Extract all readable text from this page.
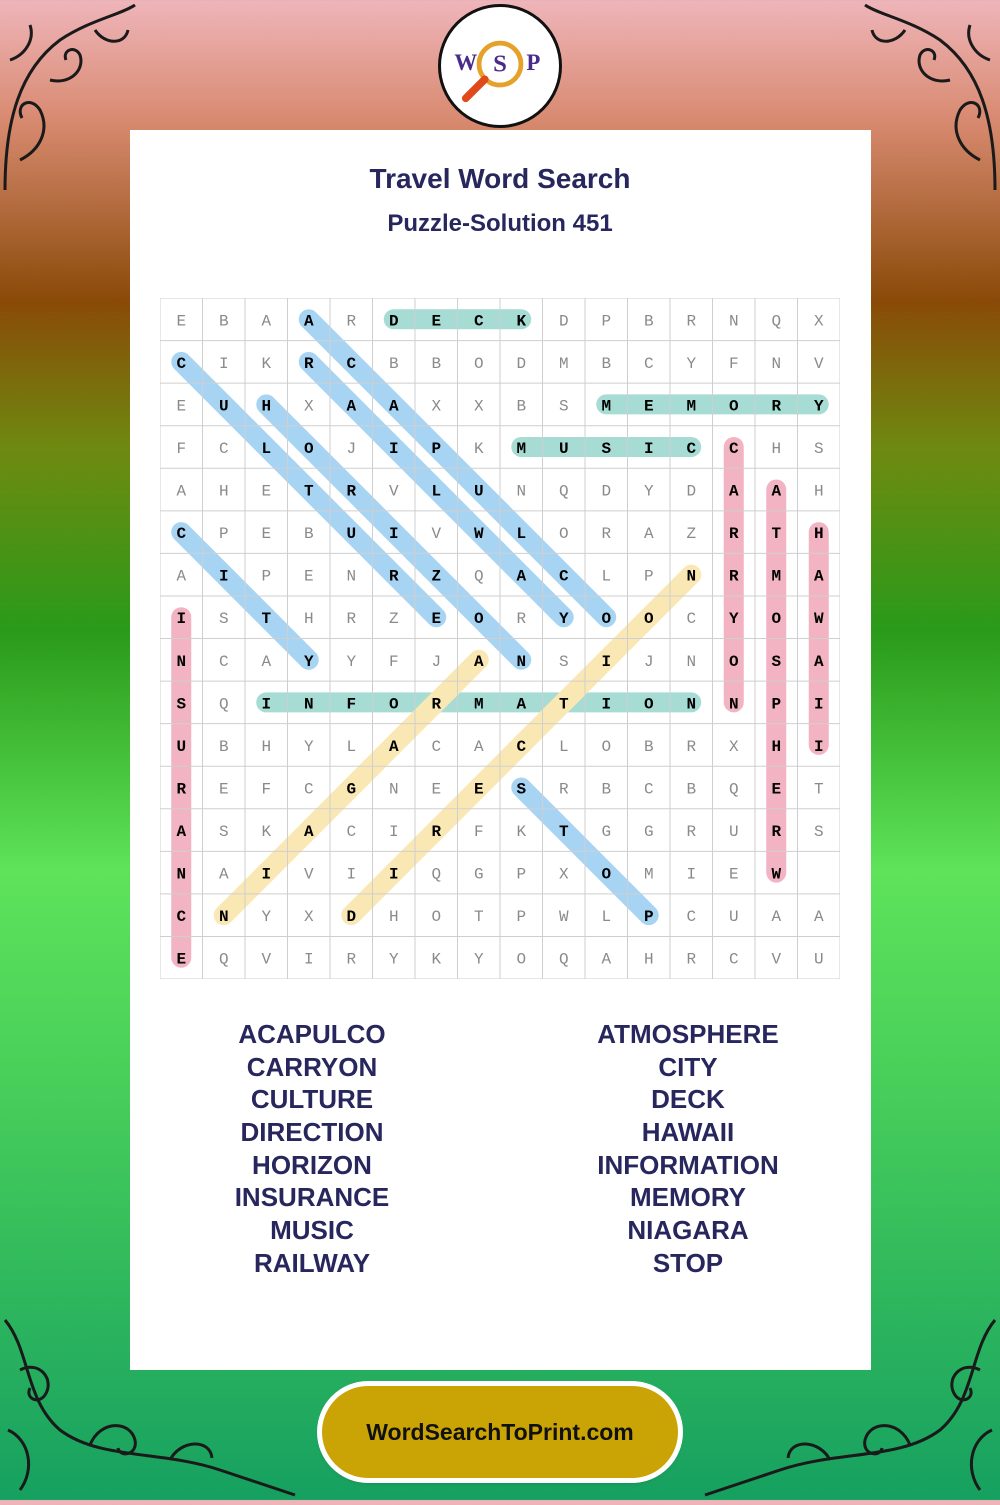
W S P
Travel Word Search
Puzzle-Solution 451
E B A A R D E C K D P B R N Q X
C I K R C B B O D M B C Y F N V
E U H X A A X X B S M E M O R Y
F C L O J I P K M U S I C C H S
A H E T R V L U N Q D Y D A A H
C P E B U I V W L O R A Z R T H
A I P E N R Z Q A C L P N R M A
I S T H R Z E O R Y O O C Y O W
N C A Y Y F J A N S I J N O S A
S Q I N F O R M A T I O N N P I
U B H Y L A C A C L O B R X H I
R E F C G N E E S R B C B Q E T
A S K A C I R F K T G G R U R S
N A I V I I Q G P X O M I E W
C N Y X D H O T P W L P C U A A
E Q V I R Y K Y O Q A H R C V U
ACAPULCO
CARRYON
CULTURE
DIRECTION
HORIZON
INSURANCE
MUSIC
RAILWAY
ATMOSPHERE
CITY
DECK
HAWAII
INFORMATION
MEMORY
NIAGARA
STOP
WordSearchToPrint.com
